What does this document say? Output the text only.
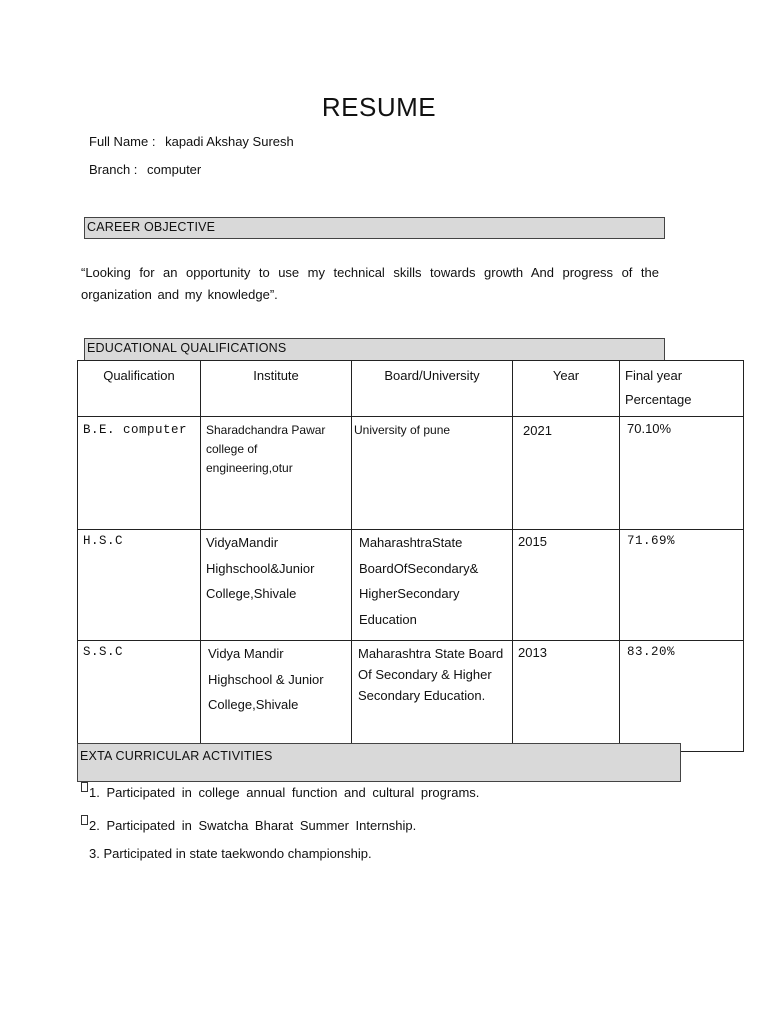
RESUME
Full Name : kapadi Akshay Suresh
Branch : computer
CAREER OBJECTIVE
“Looking for an opportunity to use my technical skills towards growth And progress of the organization and my knowledge”.
EDUCATIONAL QUALIFICATIONS
Qualification	Institute	Board/University	Year	Final year
Percentage

B.E. computer	Sharadchandra Pawar college of engineering,otur	University of pune	2021	70.10%
H.S.C	VidyaMandir Highschool&Junior College,Shivale	MaharashtraState BoardOfSecondary& HigherSecondary Education	2015	71.69%
S.S.C	Vidya Mandir Highschool & Junior College,Shivale	Maharashtra State Board Of Secondary & Higher Secondary Education.	2013	83.20%
EXTA CURRICULAR ACTIVITIES
1. Participated in college annual function and cultural programs.
2. Participated in Swatcha Bharat Summer Internship.
3. Participated in state taekwondo championship.
